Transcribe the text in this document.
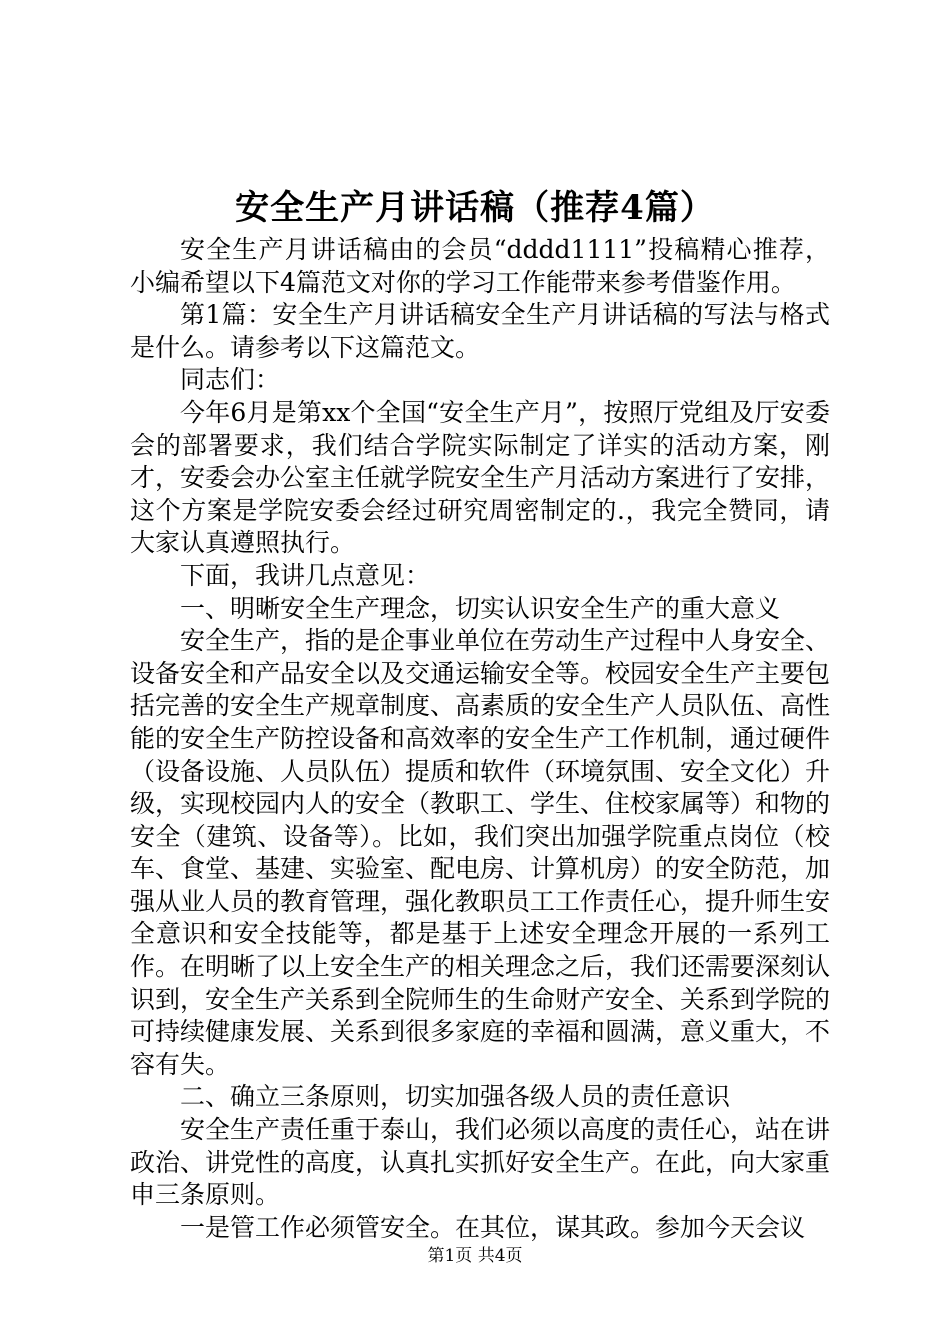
安全生产月讲话稿（推荐4篇）

安全生产月讲话稿由的会员“dddd1111”投稿精心推荐，小编希望以下4篇范文对你的学习工作能带来参考借鉴作用。

第1篇：安全生产月讲话稿安全生产月讲话稿的写法与格式是什么。请参考以下这篇范文。

同志们：

今年6月是第xx个全国“安全生产月”，按照厅党组及厅安委会的部署要求，我们结合学院实际制定了详实的活动方案，刚才，安委会办公室主任就学院安全生产月活动方案进行了安排，这个方案是学院安委会经过研究周密制定的.，我完全赞同，请大家认真遵照执行。

下面，我讲几点意见：

一、明晰安全生产理念，切实认识安全生产的重大意义

安全生产，指的是企事业单位在劳动生产过程中人身安全、设备安全和产品安全以及交通运输安全等。校园安全生产主要包括完善的安全生产规章制度、高素质的安全生产人员队伍、高性能的安全生产防控设备和高效率的安全生产工作机制，通过硬件（设备设施、人员队伍）提质和软件（环境氛围、安全文化）升级，实现校园内人的安全（教职工、学生、住校家属等）和物的安全（建筑、设备等）。比如，我们突出加强学院重点岗位（校车、食堂、基建、实验室、配电房、计算机房）的安全防范，加强从业人员的教育管理，强化教职员工工作责任心，提升师生安全意识和安全技能等，都是基于上述安全理念开展的一系列工作。在明晰了以上安全生产的相关理念之后，我们还需要深刻认识到，安全生产关系到全院师生的生命财产安全、关系到学院的可持续健康发展、关系到很多家庭的幸福和圆满，意义重大，不容有失。

二、确立三条原则，切实加强各级人员的责任意识

安全生产责任重于泰山，我们必须以高度的责任心，站在讲政治、讲党性的高度，认真扎实抓好安全生产。在此，向大家重申三条原则。

一是管工作必须管安全。在其位，谋其政。参加今天会议

第1页 共4页
